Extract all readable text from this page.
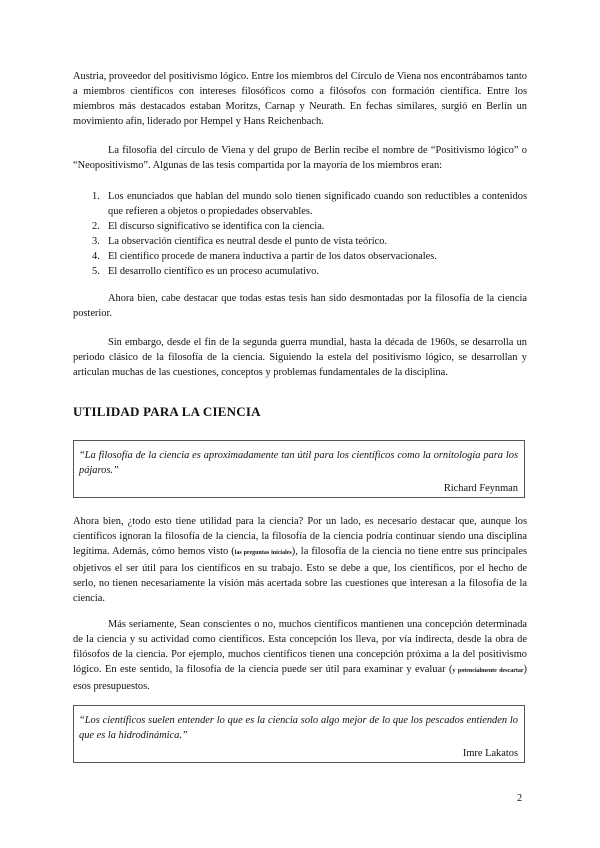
Austria, proveedor del positivismo lógico. Entre los miembros del Círculo de Viena nos encontrábamos tanto a miembros científicos con intereses filosóficos como a filósofos con formación científica. Entre los miembros más destacados estaban Moritzs, Carnap y Neurath. En fechas similares, surgió en Berlín un movimiento afín, liderado por Hempel y Hans Reichenbach.

La filosofía del círculo de Viena y del grupo de Berlín recibe el nombre de “Positivismo lógico” o “Neopositivismo”. Algunas de las tesis compartida por la mayoría de los miembros eran:

1. Los enunciados que hablan del mundo solo tienen significado cuando son reductibles a contenidos que refieren a objetos o propiedades observables.
2. El discurso significativo se identifica con la ciencia.
3. La observación científica es neutral desde el punto de vista teórico.
4. El científico procede de manera inductiva a partir de los datos observacionales.
5. El desarrollo científico es un proceso acumulativo.

Ahora bien, cabe destacar que todas estas tesis han sido desmontadas por la filosofía de la ciencia posterior.

Sin embargo, desde el fin de la segunda guerra mundial, hasta la década de 1960s, se desarrolla un periodo clásico de la filosofía de la ciencia. Siguiendo la estela del positivismo lógico, se desarrollan y articulan muchas de las cuestiones, conceptos y problemas fundamentales de la disciplina.

UTILIDAD PARA LA CIENCIA

“La filosofía de la ciencia es aproximadamente tan útil para los científicos como la ornitología para los pájaros.”

Richard Feynman

Ahora bien, ¿todo esto tiene utilidad para la ciencia? Por un lado, es necesario destacar que, aunque los científicos ignoran la filosofía de la ciencia, la filosofía de la ciencia podría continuar siendo una disciplina legítima. Además, cómo hemos visto (las preguntas iniciales), la filosofía de la ciencia no tiene entre sus principales objetivos el ser útil para los científicos en su trabajo. Esto se debe a que, los científicos, por el hecho de serlo, no tienen necesariamente la visión más acertada sobre las cuestiones que interesan a la filosofía de la ciencia.

Más seriamente, Sean conscientes o no, muchos científicos mantienen una concepción determinada de la ciencia y su actividad como científicos. Esta concepción los lleva, por vía indirecta, desde la obra de filósofos de la ciencia. Por ejemplo, muchos científicos tienen una concepción próxima a la del positivismo lógico. En este sentido, la filosofía de la ciencia puede ser útil para examinar y evaluar (y potencialmente descartar) esos presupuestos.

“Los científicos suelen entender lo que es la ciencia solo algo mejor de lo que los pescados entienden lo que es la hidrodinámica.”

Imre Lakatos

2
